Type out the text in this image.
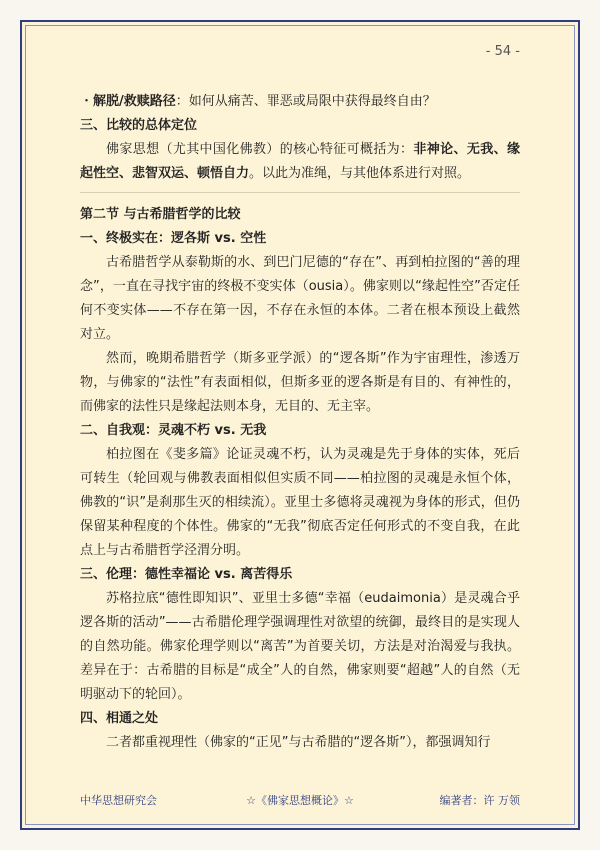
- 54 -

・解脱/救赎路径：如何从痛苦、罪恶或局限中获得最终自由？

三、比较的总体定位

佛家思想（尤其中国化佛教）的核心特征可概括为：非神论、无我、缘起性空、悲智双运、顿悟自力。以此为准绳，与其他体系进行对照。

第二节 与古希腊哲学的比较

一、终极实在：逻各斯 vs. 空性

古希腊哲学从泰勒斯的水、到巴门尼德的“存在”、再到柏拉图的“善的理念”，一直在寻找宇宙的终极不变实体（ousia）。佛家则以“缘起性空”否定任何不变实体——不存在第一因，不存在永恒的本体。二者在根本预设上截然对立。

然而，晚期希腊哲学（斯多亚学派）的“逻各斯”作为宇宙理性，渗透万物，与佛家的“法性”有表面相似，但斯多亚的逻各斯是有目的、有神性的，而佛家的法性只是缘起法则本身，无目的、无主宰。

二、自我观：灵魂不朽 vs. 无我

柏拉图在《斐多篇》论证灵魂不朽，认为灵魂是先于身体的实体，死后可转生（轮回观与佛教表面相似但实质不同——柏拉图的灵魂是永恒个体，佛教的“识”是刹那生灭的相续流）。亚里士多德将灵魂视为身体的形式，但仍保留某种程度的个体性。佛家的“无我”彻底否定任何形式的不变自我，在此点上与古希腊哲学泾渭分明。

三、伦理：德性幸福论 vs. 离苦得乐

苏格拉底“德性即知识”、亚里士多德“幸福（eudaimonia）是灵魂合乎逻各斯的活动”——古希腊伦理学强调理性对欲望的统御，最终目的是实现人的自然功能。佛家伦理学则以“离苦”为首要关切，方法是对治渴爱与我执。差异在于：古希腊的目标是“成全”人的自然，佛家则要“超越”人的自然（无明驱动下的轮回）。

四、相通之处

二者都重视理性（佛家的“正见”与古希腊的“逻各斯”），都强调知行

中华思想研究会	☆《佛家思想概论》☆	编著者：许 万领
